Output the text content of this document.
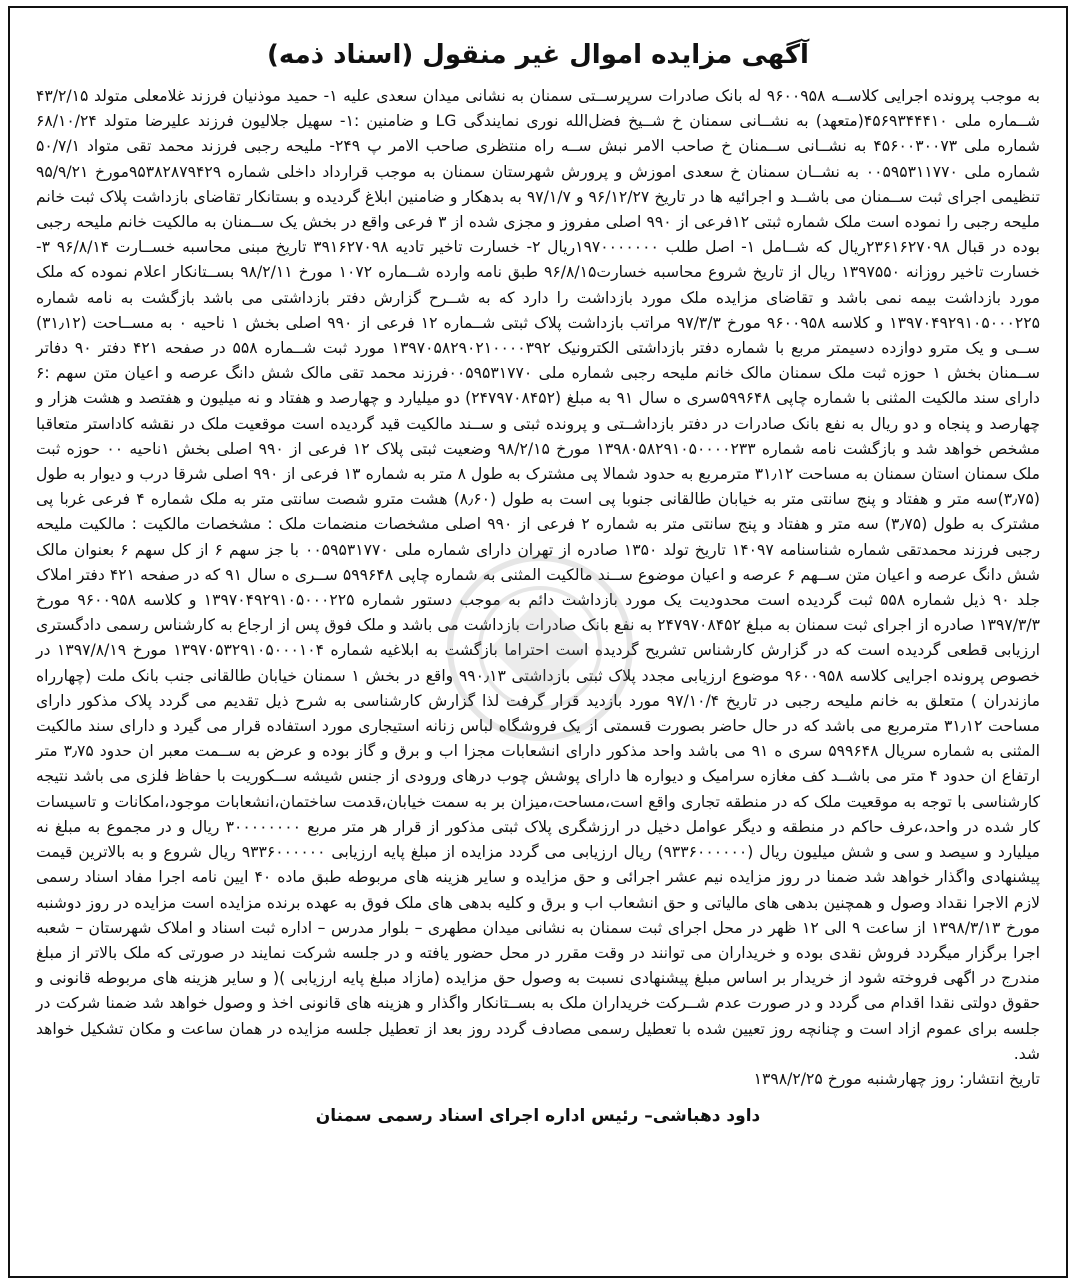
آگهی مزایده اموال غیر منقول (اسناد ذمه)

به موجب پرونده اجرایی کلاســه ۹۶۰۰۹۵۸ له بانک صادرات سرپرســتی سمنان به نشانی میدان سعدی علیه ۱- حمید موذنیان فرزند غلامعلی متولد ۴۳/۲/۱۵ شــماره ملی ۴۵۶۹۳۴۴۴۱۰(متعهد) به نشــانی سمنان خ شــیخ فضل‌الله نوری نمایندگی LG و ضامنین :۱- سهیل جلالیون فرزند علیرضا متولد ۶۸/۱۰/۲۴ شماره ملی ۴۵۶۰۰۳۰۰۷۳ به نشــانی ســمنان خ صاحب الامر نبش ســه راه منتظری صاحب الامر پ ۲۴۹- ملیحه رجبی فرزند محمد تقی متواد ۵۰/۷/۱ شماره ملی ۰۰۵۹۵۳۱۱۷۷۰ به نشــان سمنان خ سعدی اموزش و پرورش شهرستان سمنان به موجب قرارداد داخلی شماره ۹۵۳۸۲۸۷۹۴۲۹مورخ ۹۵/۹/۲۱ تنظیمی اجرای ثبت ســمنان می باشــد و اجرائیه ها در تاریخ ۹۶/۱۲/۲۷ و ۹۷/۱/۷ به بدهکار و ضامنین ابلاغ گردیده و بستانکار تقاضای بازداشت پلاک ثبت خانم ملیحه رجبی را نموده است ملک شماره ثبتی ۱۲فرعی از ۹۹۰ اصلی مفروز و مجزی شده از ۳ فرعی واقع در بخش یک ســمنان به مالکیت خانم ملیحه رجبی بوده در قبال ۲۳۶۱۶۲۷۰۹۸ریال که شــامل ۱- اصل طلب ۱۹۷۰۰۰۰۰۰۰ریال ۲- خسارت تاخیر تادیه ۳۹۱۶۲۷۰۹۸ تاریخ مبنی محاسبه خســارت ۹۶/۸/۱۴ ۳- خسارت تاخیر روزانه ۱۳۹۷۵۵۰ ریال از تاریخ شروع محاسبه خسارت۹۶/۸/۱۵ طبق نامه وارده شــماره ۱۰۷۲ مورخ ۹۸/۲/۱۱ بســتانکار اعلام نموده که ملک مورد بازداشت بیمه نمی باشد و تقاضای مزایده ملک مورد بازداشت را دارد که به شــرح گزارش دفتر بازداشتی می باشد بازگشت به نامه شماره ۱۳۹۷۰۴۹۲۹۱۰۵۰۰۰۲۲۵ و کلاسه ۹۶۰۰۹۵۸ مورخ ۹۷/۳/۳ مراتب بازداشت پلاک ثبتی شــماره ۱۲ فرعی از ۹۹۰ اصلی بخش ۱ ناحیه ۰ به مســاحت (۳۱٫۱۲) ســی و یک مترو دوازده دسیمتر مربع با شماره دفتر بازداشتی الکترونیک ۱۳۹۷۰۵۸۲۹۰۲۱۰۰۰۰۳۹۲ مورد ثبت شــماره ۵۵۸ در صفحه ۴۲۱ دفتر ۹۰ دفاتر ســمنان بخش ۱ حوزه ثبت ملک سمنان مالک خانم ملیحه رجبی شماره ملی ۰۰۵۹۵۳۱۷۷۰فرزند محمد تقی مالک شش دانگ عرصه و اعیان متن سهم :۶ دارای سند مالکیت المثنی با شماره چاپی ۵۹۹۶۴۸سری ه سال ۹۱ به مبلغ (۲۴۷۹۷۰۸۴۵۲) دو میلیارد و چهارصد و هفتاد و نه میلیون و هفتصد و هشت هزار و چهارصد و پنجاه و دو ریال به نفع بانک صادرات در دفتر بازداشــتی و پرونده ثبتی و ســند مالکیت قید گردیده است موقعیت ملک در نقشه کاداستر متعاقبا مشخص خواهد شد و بازگشت نامه شماره ۱۳۹۸۰۵۸۲۹۱۰۵۰۰۰۰۲۳۳ مورخ ۹۸/۲/۱۵ وضعیت ثبتی پلاک ۱۲ فرعی از ۹۹۰ اصلی بخش ۱ناحیه ۰۰ حوزه ثبت ملک سمنان استان سمنان به مساحت ۳۱٫۱۲ مترمربع به حدود شمالا پی مشترک به طول ۸ متر به شماره ۱۳ فرعی از ۹۹۰ اصلی شرقا درب و دیوار به طول (۳٫۷۵)سه متر و هفتاد و پنج سانتی متر به خیابان طالقانی جنوبا پی است به طول (۸٫۶۰) هشت مترو شصت سانتی متر به ملک شماره ۴ فرعی غربا پی مشترک به طول (۳٫۷۵) سه متر و هفتاد و پنج سانتی متر به شماره ۲ فرعی از ۹۹۰ اصلی مشخصات منضمات ملک : مشخصات مالکیت : مالکیت ملیحه رجبی فرزند محمدتقی شماره شناسنامه ۱۴۰۹۷ تاریخ تولد ۱۳۵۰ صادره از تهران دارای شماره ملی ۰۰۵۹۵۳۱۷۷۰ با جز سهم ۶ از کل سهم ۶ بعنوان مالک شش دانگ عرصه و اعیان متن ســهم ۶ عرصه و اعیان موضوع ســند مالکیت المثنی به شماره چاپی ۵۹۹۶۴۸ ســری ه سال ۹۱ که در صفحه ۴۲۱ دفتر املاک جلد ۹۰ ذیل شماره ۵۵۸ ثبت گردیده است محدودیت یک مورد بازداشت دائم به موجب دستور شماره ۱۳۹۷۰۴۹۲۹۱۰۵۰۰۰۲۲۵ و کلاسه ۹۶۰۰۹۵۸ مورخ ۱۳۹۷/۳/۳ صادره از اجرای ثبت سمنان به مبلغ ۲۴۷۹۷۰۸۴۵۲ به نفع بانک صادرات بازداشت می باشد و ملک فوق پس از ارجاع به کارشناس رسمی دادگستری ارزیابی قطعی گردیده است که در گزارش کارشناس تشریح گردیده است احتراما بازگشت به ابلاغیه شماره ۱۳۹۷۰۵۳۲۹۱۰۵۰۰۰۱۰۴ مورخ ۱۳۹۷/۸/۱۹ در خصوص پرونده اجرایی کلاسه ۹۶۰۰۹۵۸ موضوع ارزیابی مجدد پلاک ثبتی بازداشتی ۹۹۰٫۱۳ واقع در بخش ۱ سمنان خیابان طالقانی جنب بانک ملت (چهارراه مازندران ) متعلق به خانم ملیحه رجبی در تاریخ ۹۷/۱۰/۴ مورد بازدید قرار گرفت لذا گزارش کارشناسی به شرح ذیل تقدیم می گردد پلاک مذکور دارای مساحت ۳۱٫۱۲ مترمربع می باشد که در حال حاضر بصورت قسمتی از یک فروشگاه لباس زنانه استیجاری مورد استفاده قرار می گیرد و دارای سند مالکیت المثنی به شماره سریال ۵۹۹۶۴۸ سری ه ۹۱ می باشد واحد مذکور دارای انشعابات مجزا اب و برق و گاز بوده و عرض به ســمت معبر ان حدود ۳٫۷۵ متر ارتفاع ان حدود ۴ متر می باشــد کف مغازه سرامیک و دیواره ها دارای پوشش چوب درهای ورودی از جنس شیشه ســکوریت با حفاظ فلزی می باشد نتیجه کارشناسی با توجه به موقعیت ملک که در منطقه تجاری واقع است،مساحت،میزان بر به سمت خیابان،قدمت ساختمان،انشعابات موجود،امکانات و تاسیسات کار شده در واحد،عرف حاکم در منطقه و دیگر عوامل دخیل در ارزشگری پلاک ثبتی مذکور از قرار هر متر مربع ۳۰۰۰۰۰۰۰۰ ریال و در مجموع به مبلغ نه میلیارد و سیصد و سی و شش میلیون ریال (۹۳۳۶۰۰۰۰۰۰) ریال ارزیابی می گردد مزایده از مبلغ پایه ارزیابی ۹۳۳۶۰۰۰۰۰۰ ریال شروع و به بالاترین قیمت پیشنهادی واگذار خواهد شد ضمنا در روز مزایده نیم عشر اجرائی و حق مزایده و سایر هزینه های مربوطه طبق ماده ۴۰ ایین نامه اجرا مفاد اسناد رسمی لازم الاجرا نقداد وصول و همچنین بدهی های مالیاتی و حق انشعاب اب و برق و کلیه بدهی های ملک فوق به عهده برنده مزایده است مزایده در روز دوشنبه مورخ ۱۳۹۸/۳/۱۳ از ساعت ۹ الی ۱۲ ظهر در محل اجرای ثبت سمنان به نشانی میدان مطهری – بلوار مدرس – اداره ثبت اسناد و املاک شهرستان – شعبه اجرا برگزار میگردد فروش نقدی بوده و خریداران می توانند در وقت مقرر در محل حضور یافته و در جلسه شرکت نمایند در صورتی که ملک بالاتر از مبلغ مندرج در اگهی فروخته شود از خریدار بر اساس مبلغ پیشنهادی نسبت به وصول حق مزایده (مازاد مبلغ پایه ارزیابی )( و سایر هزینه های مربوطه قانونی و حقوق دولتی نقدا اقدام می گردد و در صورت عدم شــرکت خریداران ملک به بســتانکار واگذار و هزینه های قانونی اخذ و وصول خواهد شد ضمنا شرکت در جلسه برای عموم ازاد است و چنانچه روز تعیین شده با تعطیل رسمی مصادف گردد روز بعد از تعطیل جلسه مزایده در همان ساعت و مکان تشکیل خواهد شد.

تاریخ انتشار: روز چهارشنبه مورخ ۱۳۹۸/۲/۲۵
داود دهباشی– رئیس اداره اجرای اسناد رسمی سمنان
